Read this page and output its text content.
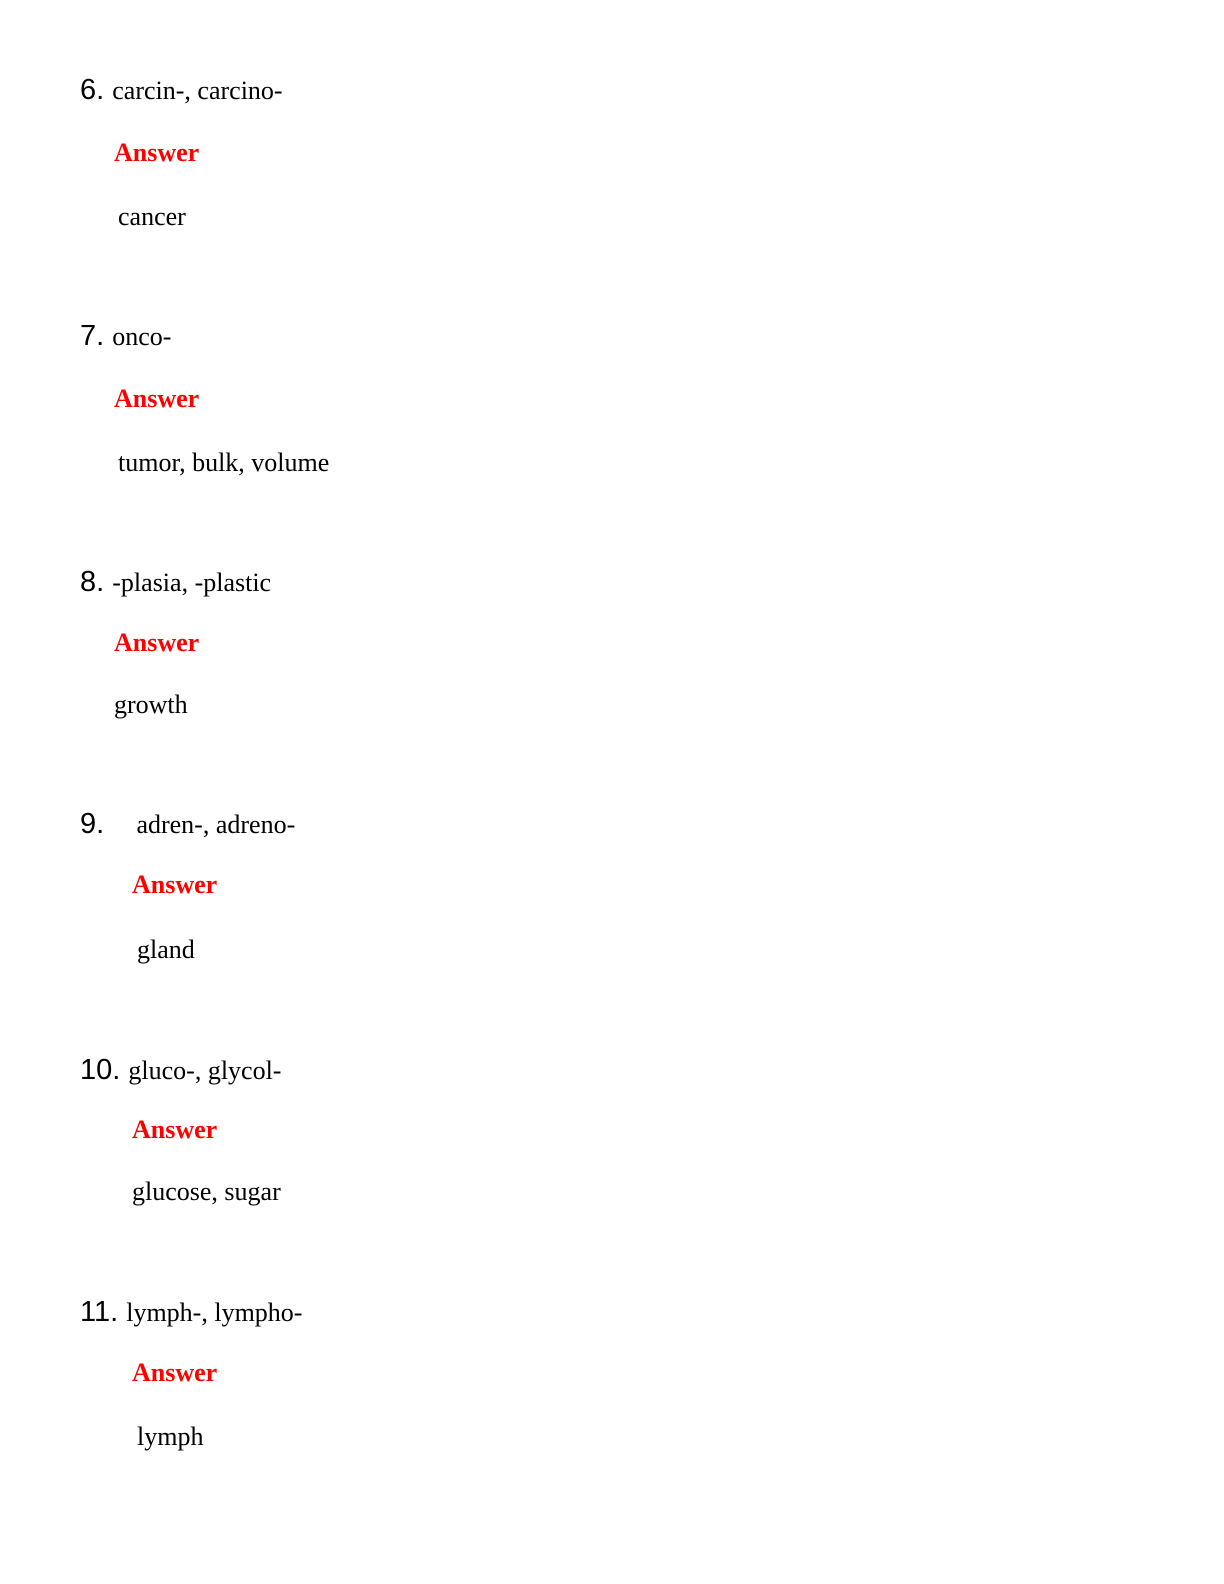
6. carcin-, carcino-
Answer
cancer
7. onco-
Answer
tumor, bulk, volume
8. -plasia, -plastic
Answer
growth
9.    adren-, adreno-
Answer
gland
10. gluco-, glycol-
Answer
glucose, sugar
11. lymph-, lympho-
Answer
lymph
